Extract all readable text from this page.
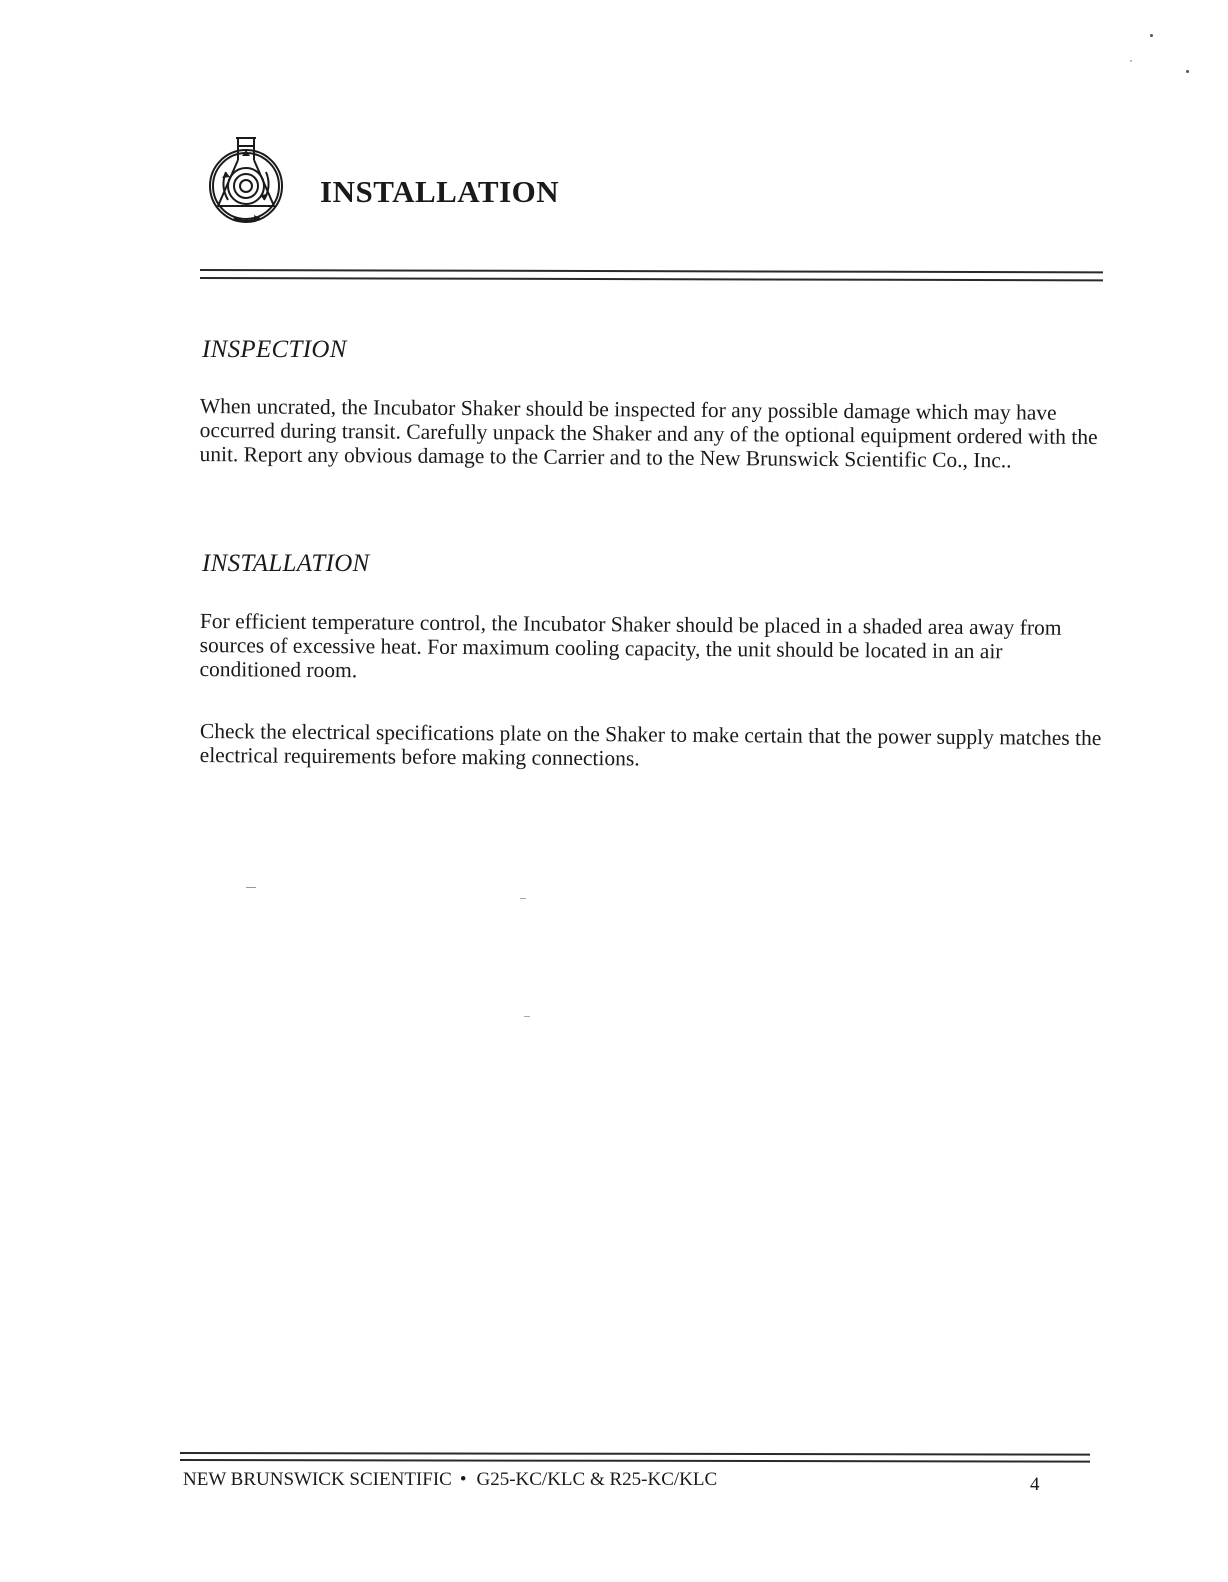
INSTALLATION
INSPECTION

When uncrated, the Incubator Shaker should be inspected for any possible damage which may have occurred during transit. Carefully unpack the Shaker and any of the optional equipment ordered with the unit. Report any obvious damage to the Carrier and to the New Brunswick Scientific Co., Inc..

INSTALLATION

For efficient temperature control, the Incubator Shaker should be placed in a shaded area away from sources of excessive heat. For maximum cooling capacity, the unit should be located in an air conditioned room.

Check the electrical specifications plate on the Shaker to make certain that the power supply matches the electrical requirements before making connections.

NEW BRUNSWICK SCIENTIFIC • G25-KC/KLC & R25-KC/KLC	4
